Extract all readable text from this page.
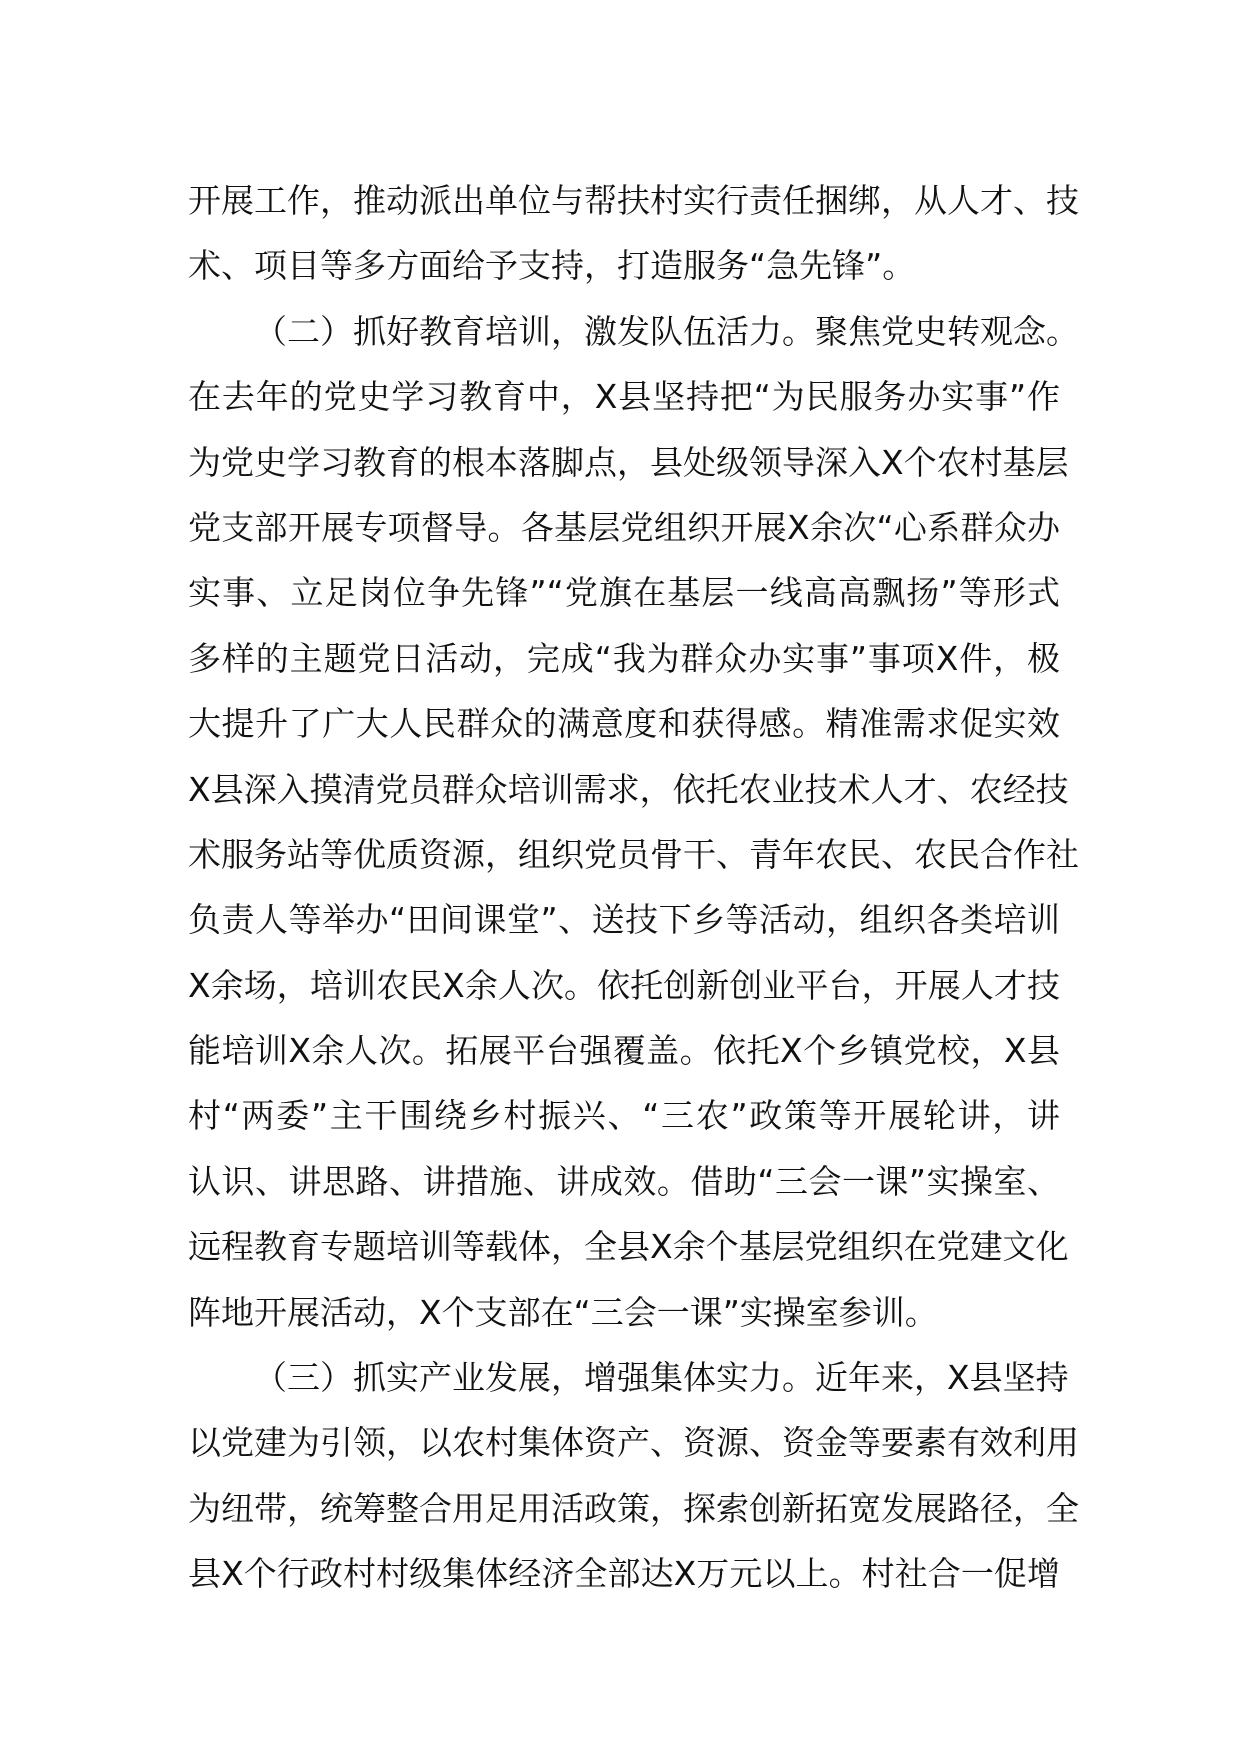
开展工作，推动派出单位与帮扶村实行责任捆绑，从人才、技
术、项目等多方面给予支持，打造服务“急先锋”。
（二）抓好教育培训，激发队伍活力。聚焦党史转观念。
在去年的党史学习教育中，X县坚持把“为民服务办实事”作
为党史学习教育的根本落脚点，县处级领导深入X个农村基层
党支部开展专项督导。各基层党组织开展X余次“心系群众办
实事、立足岗位争先锋”“党旗在基层一线高高飘扬”等形式
多样的主题党日活动，完成“我为群众办实事”事项X件，极
大提升了广大人民群众的满意度和获得感。精准需求促实效
X县深入摸清党员群众培训需求，依托农业技术人才、农经技
术服务站等优质资源，组织党员骨干、青年农民、农民合作社
负责人等举办“田间课堂”、送技下乡等活动，组织各类培训
X余场，培训农民X余人次。依托创新创业平台，开展人才技
能培训X余人次。拓展平台强覆盖。依托X个乡镇党校，X县
村“两委”主干围绕乡村振兴、“三农”政策等开展轮讲，讲
认识、讲思路、讲措施、讲成效。借助“三会一课”实操室、
远程教育专题培训等载体，全县X余个基层党组织在党建文化
阵地开展活动，X个支部在“三会一课”实操室参训。
（三）抓实产业发展，增强集体实力。近年来，X县坚持
以党建为引领，以农村集体资产、资源、资金等要素有效利用
为纽带，统筹整合用足用活政策，探索创新拓宽发展路径，全
县X个行政村村级集体经济全部达X万元以上。村社合一促增
